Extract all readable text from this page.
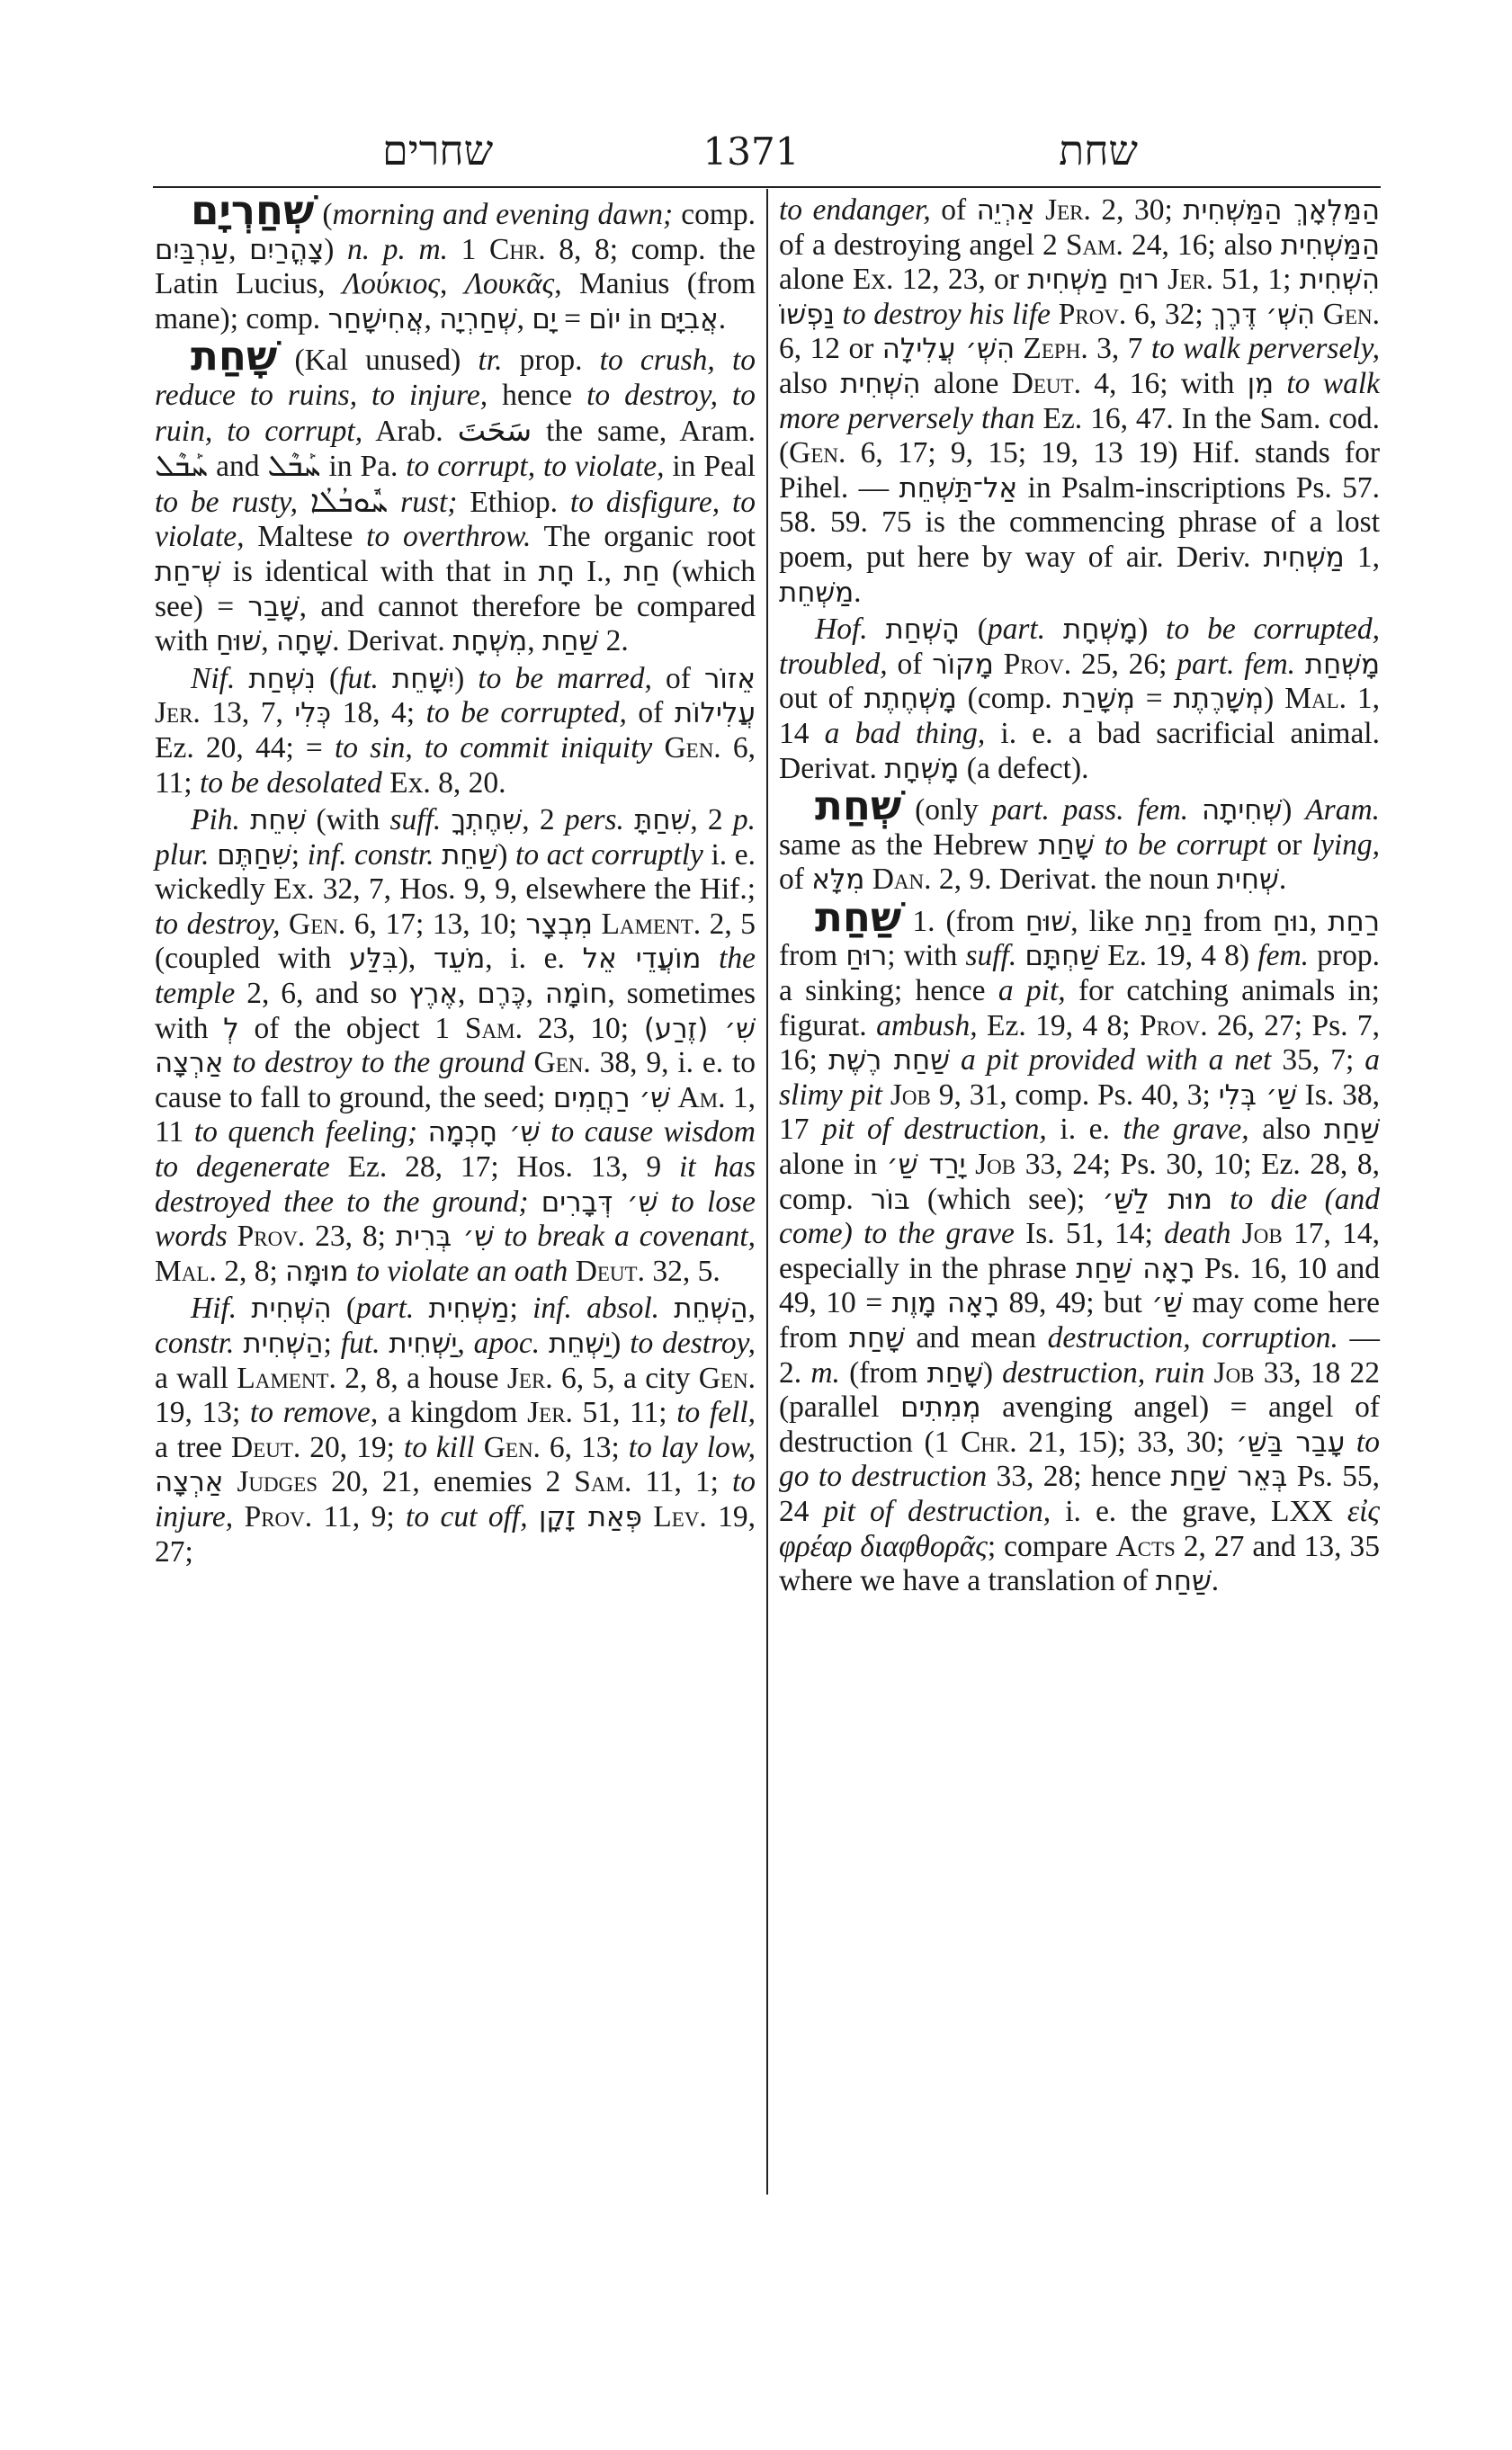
שחרים	1371	שחת

שְׁחַרְיָם (morning and evening dawn; comp. עַרְבַּיִם, צָהֳרַיִם) n. p. m. 1 Chr. 8, 8; comp. the Latin Lucius, Λούκιος, Λουκᾶς, Manius (from mane); comp. אֲחִישָׁחַר, שְׁחַרְיָה, יָם = יוֹם in אֲבִיָּם.

שָׁחַת (Kal unused) tr. prop. to crush, to reduce to ruins, to injure, hence to destroy, to ruin, to corrupt, Arab. سَحَتَ the same, Aram. ܚܰܒܶܠ and ܚܰܒܶܠ in Pa. to corrupt, to violate, in Peal to be rusty, ܚܽܘܒܳܠܳܐ rust; Ethiop. to disfigure, to violate, Maltese to overthrow. The organic root שְׁ־חַת is identical with that in חָת I., חַת (which see) = שָׁבַר, and cannot therefore be compared with שׁוּחַ, שָׁחָה. Derivat. מִשְׁחָת, שַׁחַת 2.

Nif. נִשְׁחַת (fut. יִשָּׁחֵת) to be marred, of אֵזוֹר Jer. 13, 7, כְּלִי 18, 4; to be corrupted, of עֲלִילוֹת Ez. 20, 44; = to sin, to commit iniquity Gen. 6, 11; to be desolated Ex. 8, 20.

Pih. שִׁחֵת (with suff. שִׁחֶתְךָ, 2 pers. שִׁחַתָּ, 2 p. plur. שִׁחַתֶּם; inf. constr. שַׁחֵת) to act corruptly i. e. wickedly Ex. 32, 7, Hos. 9, 9, elsewhere the Hif.; to destroy, Gen. 6, 17; 13, 10; מִבְצָר Lament. 2, 5 (coupled with בִּלַּע), מֹעֵד, i. e. מוֹעֲדֵי אֵל the temple 2, 6, and so אֶרֶץ, כֶּרֶם, חוֹמָה, sometimes with לְ of the object 1 Sam. 23, 10; שִׁ׳ (זֶרַע) אַרְצָה to destroy to the ground Gen. 38, 9, i. e. to cause to fall to ground, the seed; שִׁ׳ רַחֲמִים Am. 1, 11 to quench feeling; שִׁ׳ חָכְמָה to cause wisdom to degenerate Ez. 28, 17; Hos. 13, 9 it has destroyed thee to the ground; שִׁ׳ דְּבָרִים to lose words Prov. 23, 8; שִׁ׳ בְּרִית to break a covenant, Mal. 2, 8; מוּמָּה to violate an oath Deut. 32, 5.

Hif. הִשְׁחִית (part. מַשְׁחִית; inf. absol. הַשְׁחֵת, constr. הַשְׁחִית; fut. יַשְׁחִית, apoc. יַשְׁחֵת) to destroy, a wall Lament. 2, 8, a house Jer. 6, 5, a city Gen. 19, 13; to remove, a kingdom Jer. 51, 11; to fell, a tree Deut. 20, 19; to kill Gen. 6, 13; to lay low, אַרְצָה Judges 20, 21, enemies 2 Sam. 11, 1; to injure, Prov. 11, 9; to cut off, פְּאַת זָקָן Lev. 19, 27;

to endanger, of אַרְיֵה Jer. 2, 30; הַמַּלְאָךְ הַמַּשְׁחִית of a destroying angel 2 Sam. 24, 16; also הַמַּשְׁחִית alone Ex. 12, 23, or רוּחַ מַשְׁחִית Jer. 51, 1; הִשְׁחִית נַפְשׁוֹ to destroy his life Prov. 6, 32; הִשְׁ׳ דֶּרֶךְ Gen. 6, 12 or הִשְׁ׳ עֲלִילָה Zeph. 3, 7 to walk perversely, also הִשְׁחִית alone Deut. 4, 16; with מִן to walk more perversely than Ez. 16, 47. In the Sam. cod. (Gen. 6, 17; 9, 15; 19, 13 19) Hif. stands for Pihel. — אַל־תַּשְׁחֵת in Psalm-inscriptions Ps. 57. 58. 59. 75 is the commencing phrase of a lost poem, put here by way of air. Deriv. מַשְׁחִית 1, מַשְׁחֵת.

Hof. הָשְׁחַת (part. מָשְׁחָת) to be corrupted, troubled, of מָקוֹר Prov. 25, 26; part. fem. מָשְׁחַת out of מָשְׁחֶתֶת (comp. מְשָׁרַת = מְשָׁרֶתֶת) Mal. 1, 14 a bad thing, i. e. a bad sacrificial animal. Derivat. מָשְׁחָת (a defect).

שְׁחַת (only part. pass. fem. שְׁחִיתָה) Aram. same as the Hebrew שָׁחַת to be corrupt or lying, of מִלָּא Dan. 2, 9. Derivat. the noun שְׁחִית.

שַׁחַת 1. (from שׁוּחַ, like נַחַת from נוּחַ, רַחַת from רוּחַ; with suff. שַׁחְתָּם Ez. 19, 4 8) fem. prop. a sinking; hence a pit, for catching animals in; figurat. ambush, Ez. 19, 4 8; Prov. 26, 27; Ps. 7, 16; שַׁחַת רֶשֶׁת a pit provided with a net 35, 7; a slimy pit Job 9, 31, comp. Ps. 40, 3; שַׁ׳ בְּלִי Is. 38, 17 pit of destruction, i. e. the grave, also שַׁחַת alone in יָרַד שַׁ׳ Job 33, 24; Ps. 30, 10; Ez. 28, 8, comp. בּוֹר (which see); מוּת לַשַּׁ׳ to die (and come) to the grave Is. 51, 14; death Job 17, 14, especially in the phrase רָאָה שַׁחַת Ps. 16, 10 and 49, 10 = רָאָה מָוֶת 89, 49; but שַׁ׳ may come here from שָׁחַת and mean destruction, corruption. — 2. m. (from שָׁחַת) destruction, ruin Job 33, 18 22 (parallel מְמִתִים avenging angel) = angel of destruction (1 Chr. 21, 15); 33, 30; עָבַר בַּשַּׁ׳ to go to destruction 33, 28; hence בְּאֵר שַׁחַת Ps. 55, 24 pit of destruction, i. e. the grave, LXX εἰς φρέαρ διαφθορᾶς; compare Acts 2, 27 and 13, 35 where we have a translation of שַׁחַת.
